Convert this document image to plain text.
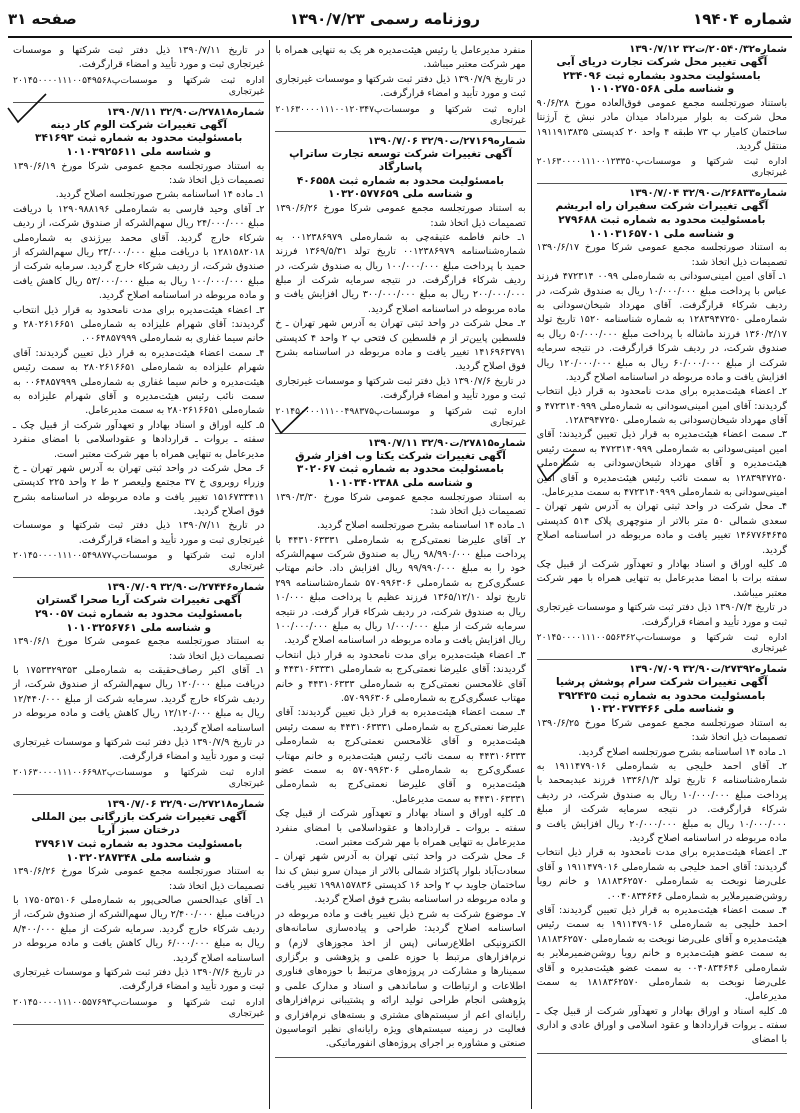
شماره ۱۹۴۰۴
روزنامه رسمی ۱۳۹۰/۷/۲۳
صفحه ۳۱
شماره۲۰۵۴۰/۳۲/ت۳۲ ۱۳۹۰/۷/۱۲
آگهی تغییر محل شرکت تجارت دریای آبی
بامسئولیت محدود بشماره ثبت ۲۳۴۰۹۶
و شناسه ملی ۱۰۱۰۲۷۵۰۵۶۸

باستناد صورتجلسه مجمع عمومی فوق‌العاده مورخ ۹۰/۶/۲۸ محل شرکت به بلوار میرداماد میدان مادر نبش خ آرژنتا ساختمان کامیار پ ۷۳ طبقه ۴ واحد ۲۰ کدپستی ۱۹۱۱۹۱۳۸۳۵ منتقل گردید.

اداره ثبت شرکتها و موسسات غیرتجاری
پ۲۰۱۶۳۰۰۰۰۱۱۱۰۰۱۲۳۳۵۰
شماره۲۶۸۳۳/ت۳۲/۹۰ ۱۳۹۰/۷/۰۴
آگهی تغییرات شرکت سفیران راه ابریشم
بامسئولیت محدود به شماره ثبت ۲۷۹۶۸۸
و شناسه ملی ۱۰۱۰۳۱۶۵۷۰۱

به استناد صورتجلسه مجمع عمومی شرکا مورخ ۱۳۹۰/۶/۱۷ تصمیمات ذیل اتخاذ شد:

۱ـ آقای امین امینی‌سودانی به شماره‌ملی ۰۰۹۹ ۴۷۲۳۱۴ فرزند عباس با پرداخت مبلغ ۱۰/۰۰۰/۰۰۰ ریال به صندوق شرکت، در ردیف شرکاء قرارگرفت. آقای مهرداد شیخان‌سودانی به شماره‌ملی ۱۲۸۳۹۴۷۲۵۰ به شماره شناسنامه ۱۵۲۰ تاریخ تولد ۱۳۶۰/۲/۱۷ فرزند ماشاله با پرداخت مبلغ ۵۰/۰۰۰/۰۰۰ ریال به صندوق شرکت، در ردیف شرکا قرارگرفت. در نتیجه سرمایه شرکت از مبلغ ۶۰/۰۰۰/۰۰۰ ریال به مبلغ ۱۲۰/۰۰۰/۰۰۰ ریال افزایش یافت و ماده مربوطه در اساسنامه اصلاح گردید.

۲ـ اعضاء هیئت‌مدیره برای مدت نامحدود به قرار ذیل انتخاب گردیدند: آقای امین امینی‌سودانی به شماره‌ملی ۴۷۲۳۱۴۰۹۹۹ و آقای مهرداد شیخان‌سودانی به شماره‌ملی ۱۲۸۳۹۴۷۲۵۰.

۳ـ سمت اعضاء هیئت‌مدیره به قرار ذیل تعیین گردیدند: آقای امین امینی‌سودانی به شماره‌ملی ۴۷۲۳۱۴۰۹۹۹ به سمت رئیس هیئت‌مدیره و آقای مهرداد شیخان‌سودانی به شماره‌ملی ۱۲۸۳۹۴۷۲۵۰ به سمت نائب رئیس هیئت‌مدیره و آقای امین امینی‌سودانی به شماره‌ملی ۴۷۲۳۱۴۰۹۹۹ به سمت مدیرعامل.

۴ـ محل شرکت در واحد ثبتی تهران به آدرس شهر تهران ـ سعدی شمالی ۵۰ متر بالاتر از منوچهری پلاک ۵۱۴ کدپستی ۱۴۶۷۷۶۴۶۴۵ تغییر یافت و ماده مربوطه در اساسنامه اصلاح گردید.

۵ـ کلیه اوراق و اسناد بهادار و تعهدآور شرکت از قبیل چک سفته برات با امضا مدیرعامل به تنهایی همراه با مهر شرکت معتبر میباشد.

در تاریخ ۱۳۹۰/۷/۴ ذیل دفتر ثبت شرکتها و موسسات غیرتجاری ثبت و مورد تأیید و امضاء قرارگرفت.

اداره ثبت شرکتها و موسسات غیرتجاری
پ۲۰۱۴۵۰۰۰۰۱۱۱۰۰۵۵۶۳۶۲
شماره۲۷۳۹۲/ت۳۲/۹۰ ۱۳۹۰/۷/۰۹
آگهی تغییرات شرکت سرام پوشش پرشیا
بامسئولیت محدود به شماره ثبت ۳۹۲۴۳۵
و شناسه ملی ۱۰۳۲۰۳۷۳۴۶۶

به استناد صورتجلسه مجمع عمومی شرکا مورخ ۱۳۹۰/۶/۲۵ تصمیمات ذیل اتخاذ شد:

۱ـ ماده ۱۴ اساسنامه بشرح صورتجلسه اصلاح گردید.

۲ـ آقای احمد خلیجی به شماره‌ملی ۱۹۱۱۴۷۹۰۱۶ به شماره‌شناسنامه ۶ تاریخ تولد ۱۳۳۶/۱/۳ فرزند عبدیمحمد با پرداخت مبلغ ۱۰/۰۰۰/۰۰۰ ریال به صندوق شرکت، در ردیف شرکاء قرارگرفت. در نتیجه سرمایه شرکت از مبلغ ۱۰/۰۰۰/۰۰۰ ریال به مبلغ ۲۰/۰۰۰/۰۰۰ ریال افزایش یافت و ماده مربوطه در اساسنامه اصلاح گردید.

۳ـ اعضاء هیئت‌مدیره برای مدت نامحدود به قرار ذیل انتخاب گردیدند: آقای احمد خلیجی به شماره‌ملی ۱۹۱۱۴۷۹۰۱۶ و آقای علی‌رضا نوبخت به شماره‌ملی ۱۸۱۸۳۶۲۵۷۰ و خانم رویا روشن‌ضمیر‌ملایر به شماره‌ملی ۰۰۴۰۸۳۴۶۴۶.

۴ـ سمت اعضاء هیئت‌مدیره به قرار ذیل تعیین گردیدند: آقای احمد خلیجی به شماره‌ملی ۱۹۱۱۴۷۹۰۱۶ به سمت رئیس هیئت‌مدیره و آقای علی‌رضا نوبخت به شماره‌ملی ۱۸۱۸۳۶۲۵۷۰ به سمت عضو هیئت‌مدیره و خانم رویا روشن‌ضمیر‌ملایر به شماره‌ملی ۰۰۴۰۸۳۴۶۴۶ به سمت عضو هیئت‌مدیره و آقای علی‌رضا نوبخت به شماره‌ملی ۱۸۱۸۳۶۲۵۷۰ به سمت مدیرعامل.

۵ـ کلیه اسناد و اوراق بهادار و تعهدآور شرکت از قبیل چک ـ سفته ـ بروات قراردادها و عقود اسلامی و اوراق عادی و اداری با امضای

منفرد مدیرعامل یا رئیس هیئت‌مدیره هر یک به تنهایی همراه با مهر شرکت معتبر میباشد.

در تاریخ ۱۳۹۰/۷/۹ ذیل دفتر ثبت شرکتها و موسسات غیرتجاری ثبت و مورد تأیید و امضاء قرارگرفت.

اداره ثبت شرکتها و موسسات غیرتجاری
پ۲۰۱۶۳۰۰۰۰۱۱۱۰۰۱۲۰۳۴۷
شماره۲۷۱۶۹/ت۳۲/۹۰ ۱۳۹۰/۷/۰۶
آگهی تغییرات شرکت توسعه تجارت ساتراپ پاسارگاد
بامسئولیت محدود به شماره ثبت ۴۰۶۵۵۸
و شناسه ملی ۱۰۳۲۰۵۷۷۶۵۹

به استناد صورتجلسه مجمع عمومی شرکا مورخ ۱۳۹۰/۶/۲۶ تصمیمات ذیل اتخاذ شد:

۱ـ خانم فاطمه عتیقه‌چی به شماره‌ملی ۰۰۱۲۳۸۶۹۷۹ به شماره‌شناسنامه ۰۰۱۲۳۸۶۹۷۹ تاریخ تولد ۱۳۶۹/۵/۳۱ فرزند حمید با پرداخت مبلغ ۱۰۰/۰۰۰/۰۰۰ ریال به صندوق شرکت، در ردیف شرکاء قرارگرفت. در نتیجه سرمایه شرکت از مبلغ ۲۰۰/۰۰۰/۰۰۰ ریال به مبلغ ۳۰۰/۰۰۰/۰۰۰ ریال افزایش یافت و ماده مربوطه در اساسنامه اصلاح گردید.

۲ـ محل شرکت در واحد ثبتی تهران به آدرس شهر تهران ـ خ فلسطین پایین‌تر از م فلسطین ک فتحی پ ۲ واحد ۴ کدپستی ۱۴۱۶۹۶۳۷۹۱ تغییر یافت و ماده مربوطه در اساسنامه بشرح فوق اصلاح گردید.

در تاریخ ۱۳۹۰/۷/۶ ذیل دفتر ثبت شرکتها و موسسات غیرتجاری ثبت و مورد تأیید و امضاء قرارگرفت.

اداره ثبت شرکتها و موسسات غیرتجاری
پ۲۰۱۴۵۰۰۰۰۱۱۱۰۰۴۹۸۳۷۵
شماره۲۷۸۱۵/ت۳۲/۹۰ ۱۳۹۰/۷/۱۱
آگهی تغییرات شرکت یکتا وب افزار شرق
بامسئولیت محدود به شماره ثبت ۳۰۲۰۶۷
و شناسه ملی ۱۰۱۰۳۴۰۲۳۸۸

به استناد صورتجلسه مجمع عمومی شرکا مورخ ۱۳۹۰/۳/۳۰ تصمیمات ذیل اتخاذ شد:

۱ـ ماده ۱۴ اساسنامه بشرح صورتجلسه اصلاح گردید.

۲ـ آقای علیرضا نعمتی‌کرج به شماره‌ملی ۴۴۳۱۰۶۳۳۳۱ با پرداخت مبلغ ۹۸/۹۹۰/۰۰۰ ریال به صندوق شرکت سهم‌الشرکه خود را به مبلغ ۹۹/۹۹۰/۰۰۰ ریال افزایش داد. خانم مهتاب عسگری‌کرج به شماره‌ملی ۵۷۰۹۹۶۳۰۶ شماره‌شناسنامه ۲۹۹ تاریخ تولد ۱۳۶۵/۱۲/۱۰ فرزند عظیم با پرداخت مبلغ ۱۰/۰۰۰ ریال به صندوق شرکت، در ردیف شرکاء قرار گرفت. در نتیجه سرمایه شرکت از مبلغ ۱/۰۰۰/۰۰۰ ریال به مبلغ ۱۰۰/۰۰۰/۰۰۰ ریال افزایش یافت و ماده مربوطه در اساسنامه اصلاح گردید.

۳ـ اعضاء هیئت‌مدیره برای مدت نامحدود به قرار ذیل انتخاب گردیدند: آقای علیرضا نعمتی‌کرج به شماره‌ملی ۴۴۳۱۰۶۳۳۳۱ و آقای غلامحسن نعمتی‌کرج به شماره‌ملی ۴۴۳۱۰۶۳۳۳ و خانم مهتاب عسگری‌کرج به شماره‌ملی ۵۷۰۹۹۶۳۰۶.

۴ـ سمت اعضاء هیئت‌مدیره به قرار ذیل تعیین گردیدند: آقای علیرضا نعمتی‌کرج به شماره‌ملی ۴۴۳۱۰۶۳۳۳۱ به سمت رئیس هیئت‌مدیره و آقای غلامحسن نعمتی‌کرج به شماره‌ملی ۴۴۳۱۰۶۳۳۳ به سمت نائب رئیس هیئت‌مدیره و خانم مهتاب عسگری‌کرج به شماره‌ملی ۵۷۰۹۹۶۳۰۶ به سمت عضو هیئت‌مدیره و آقای علیرضا نعمتی‌کرج به شماره‌ملی ۴۴۳۱۰۶۳۳۳۱ به سمت مدیرعامل.

۵ـ کلیه اوراق و اسناد بهادار و تعهدآور شرکت از قبیل چک سفته ـ بروات ـ قراردادها و عقوداسلامی با امضای منفرد مدیرعامل به تنهایی همراه با مهر شرکت معتبر است.

۶ـ محل شرکت در واحد ثبتی تهران به آدرس شهر تهران ـ سعادت‌آباد بلوار پاکنژاد شمالی بالاتر از میدان سرو نبش ک ندا ساختمان جاوید پ ۲ واحد ۱۶ کدپستی ۱۹۹۸۱۵۷۸۳۶ تغییر یافت و ماده مربوطه در اساسنامه بشرح فوق اصلاح گردید.

۷ـ موضوع شرکت به شرح ذیل تغییر یافت و ماده مربوطه در اساسنامه اصلاح گردید: طراحی و پیاده‌سازی سامانه‌های الکترونیکی اطلاع‌رسانی (پس از اخذ مجوزهای لازم) و نرم‌افزارهای مرتبط با حوزه علمی و پژوهشی و برگزاری سمینارها و مشارکت در پروژه‌های مرتبط با حوزه‌های فناوری اطلاعات و ارتباطات و ساماندهی و اسناد و مدارک علمی و پژوهشی انجام طراحی تولید ارائه و پشتیبانی نرم‌افزارهای رایانه‌ای اعم از سیستم‌های مشتری و بسته‌های نرم‌افزاری و فعالیت در زمینه سیستم‌های ویژه رایانه‌ای نظیر اتوماسیون صنعتی و مشاوره بر اجرای پروژه‌های انفورماتیکی.

در تاریخ ۱۳۹۰/۷/۱۱ ذیل دفتر ثبت شرکتها و موسسات غیرتجاری ثبت و مورد تأیید و امضاء قرارگرفت.
اداره ثبت شرکتها و موسسات غیرتجاری
پ۲۰۱۴۵۰۰۰۰۱۱۱۰۰۵۴۹۵۶۸
شماره۲۷۸۱۸/ت۳۲/۹۰ ۱۳۹۰/۷/۱۱
آگهی تغییرات شرکت الوم کار دینه
بامسئولیت محدود به شماره ثبت ۳۴۱۶۹۳
و شناسه ملی ۱۰۱۰۳۹۲۵۶۱۱

به استناد صورتجلسه مجمع عمومی شرکا مورخ ۱۳۹۰/۶/۱۹ تصمیمات ذیل اتخاذ شد:

۱ـ ماده ۱۴ اساسنامه بشرح صورتجلسه اصلاح گردید.

۲ـ آقای وحید فارسی به شماره‌ملی ۱۲۹۰۹۸۸۱۹۶ با دریافت مبلغ ۲۴/۰۰۰/۰۰۰ ریال سهم‌الشرکه از صندوق شرکت، از ردیف شرکاء خارج گردید. آقای محمد بیرژندی به شماره‌ملی ۱۲۸۱۵۸۲۰۱۸ با دریافت مبلغ ۲۳/۰۰۰/۰۰۰ ریال سهم‌الشرکه از صندوق شرکت، از ردیف شرکاء خارج گردید. سرمایه شرکت از مبلغ ۱۰۰/۰۰۰/۰۰۰ ریال به مبلغ ۵۳/۰۰۰/۰۰۰ ریال کاهش یافت و ماده مربوطه در اساسنامه اصلاح گردید.

۳ـ اعضاء هیئت‌مدیره برای مدت نامحدود به قرار ذیل انتخاب گردیدند: آقای شهرام علیزاده به شماره‌ملی ۲۸۰۲۶۱۶۶۵۱ و خانم سیما غفاری به شماره‌ملی ۰۰۶۴۸۵۷۹۹۹.

۴ـ سمت اعضاء هیئت‌مدیره به قرار ذیل تعیین گردیدند: آقای شهرام علیزاده به شماره‌ملی ۲۸۰۲۶۱۶۶۵۱ به سمت رئیس هیئت‌مدیره و خانم سیما غفاری به شماره‌ملی ۰۰۶۴۸۵۷۹۹۹ به سمت نائب رئیس هیئت‌مدیره و آقای شهرام علیزاده به شماره‌ملی ۲۸۰۲۶۱۶۶۵۱ به سمت مدیرعامل.

۵ـ کلیه اوراق و اسناد بهادار و تعهدآور شرکت از قبیل چک ـ سفته ـ بروات ـ قراردادها و عقوداسلامی با امضای منفرد مدیرعامل به تنهایی همراه با مهر شرکت معتبر است.

۶ـ محل شرکت در واحد ثبتی تهران به آدرس شهر تهران ـ خ وزراء روبروی خ ۳۷ مجتمع ولیعصر ۲ ط ۲ واحد ۲۲۵ کدپستی ۱۵۱۶۷۳۳۴۱۱ تغییر یافت و ماده مربوطه در اساسنامه بشرح فوق اصلاح گردید.

در تاریخ ۱۳۹۰/۷/۱۱ ذیل دفتر ثبت شرکتها و موسسات غیرتجاری ثبت و مورد تأیید و امضاء قرارگرفت.

اداره ثبت شرکتها و موسسات غیرتجاری
پ۲۰۱۴۵۰۰۰۰۱۱۱۰۰۵۴۹۸۷۷
شماره۲۷۴۴۶/ت۳۲/۹۰ ۱۳۹۰/۷/۰۹
آگهی تغییرات شرکت آریا صحرا گستران
بامسئولیت محدود به شماره ثبت ۲۹۰۰۵۷
و شناسه ملی ۱۰۱۰۳۲۵۶۷۶۱

به استناد صورتجلسه مجمع عمومی شرکا مورخ ۱۳۹۰/۶/۱ تصمیمات ذیل اتخاذ شد:

۱ـ آقای اکبر رصاف‌حقیقت به شماره‌ملی ۱۷۵۳۳۲۹۳۵۳ با دریافت مبلغ ۱۲۰/۰۰۰ ریال سهم‌الشرکه از صندوق شرکت، از ردیف شرکاء خارج گردید. سرمایه شرکت از مبلغ ۱۲/۴۴۰/۰۰۰ ریال به مبلغ ۱۲/۱۲۰/۰۰۰ ریال کاهش یافت و ماده مربوطه در اساسنامه اصلاح گردید.

در تاریخ ۱۳۹۰/۷/۹ ذیل دفتر ثبت شرکتها و موسسات غیرتجاری ثبت و مورد تأیید و امضاء قرارگرفت.

اداره ثبت شرکتها و موسسات غیرتجاری
پ۲۰۱۶۳۰۰۰۰۱۱۱۰۰۶۶۹۸۲
شماره۲۷۲۱۸/ت۳۲/۹۰ ۱۳۹۰/۷/۰۶
آگهی تغییرات شرکت بازرگانی بین المللی درختان سبز آریا
بامسئولیت محدود به شماره ثبت ۳۷۹۶۱۷
و شناسه ملی ۱۰۳۲۰۲۸۷۳۴۸

به استناد صورتجلسه مجمع عمومی شرکا مورخ ۱۳۹۰/۶/۲۶ تصمیمات ذیل اتخاذ شد:

۱ـ آقای عبدالحسن صالحی‌پور به شماره‌ملی ۱۷۵۰۵۳۵۱۰۶ با دریافت مبلغ ۲/۴۰۰/۰۰۰ ریال سهم‌الشرکه از صندوق شرکت، از ردیف شرکاء خارج گردید. سرمایه شرکت از مبلغ ۸/۴۰۰/۰۰۰ ریال به مبلغ ۶/۰۰۰/۰۰۰ ریال کاهش یافت و ماده مربوطه در اساسنامه اصلاح گردید.

در تاریخ ۱۳۹۰/۷/۶ ذیل دفتر ثبت شرکتها و موسسات غیرتجاری ثبت و مورد تأیید و امضاء قرارگرفت.

اداره ثبت شرکتها و موسسات غیرتجاری
پ۲۰۱۴۵۰۰۰۰۱۱۱۰۰۵۵۷۶۹۳
